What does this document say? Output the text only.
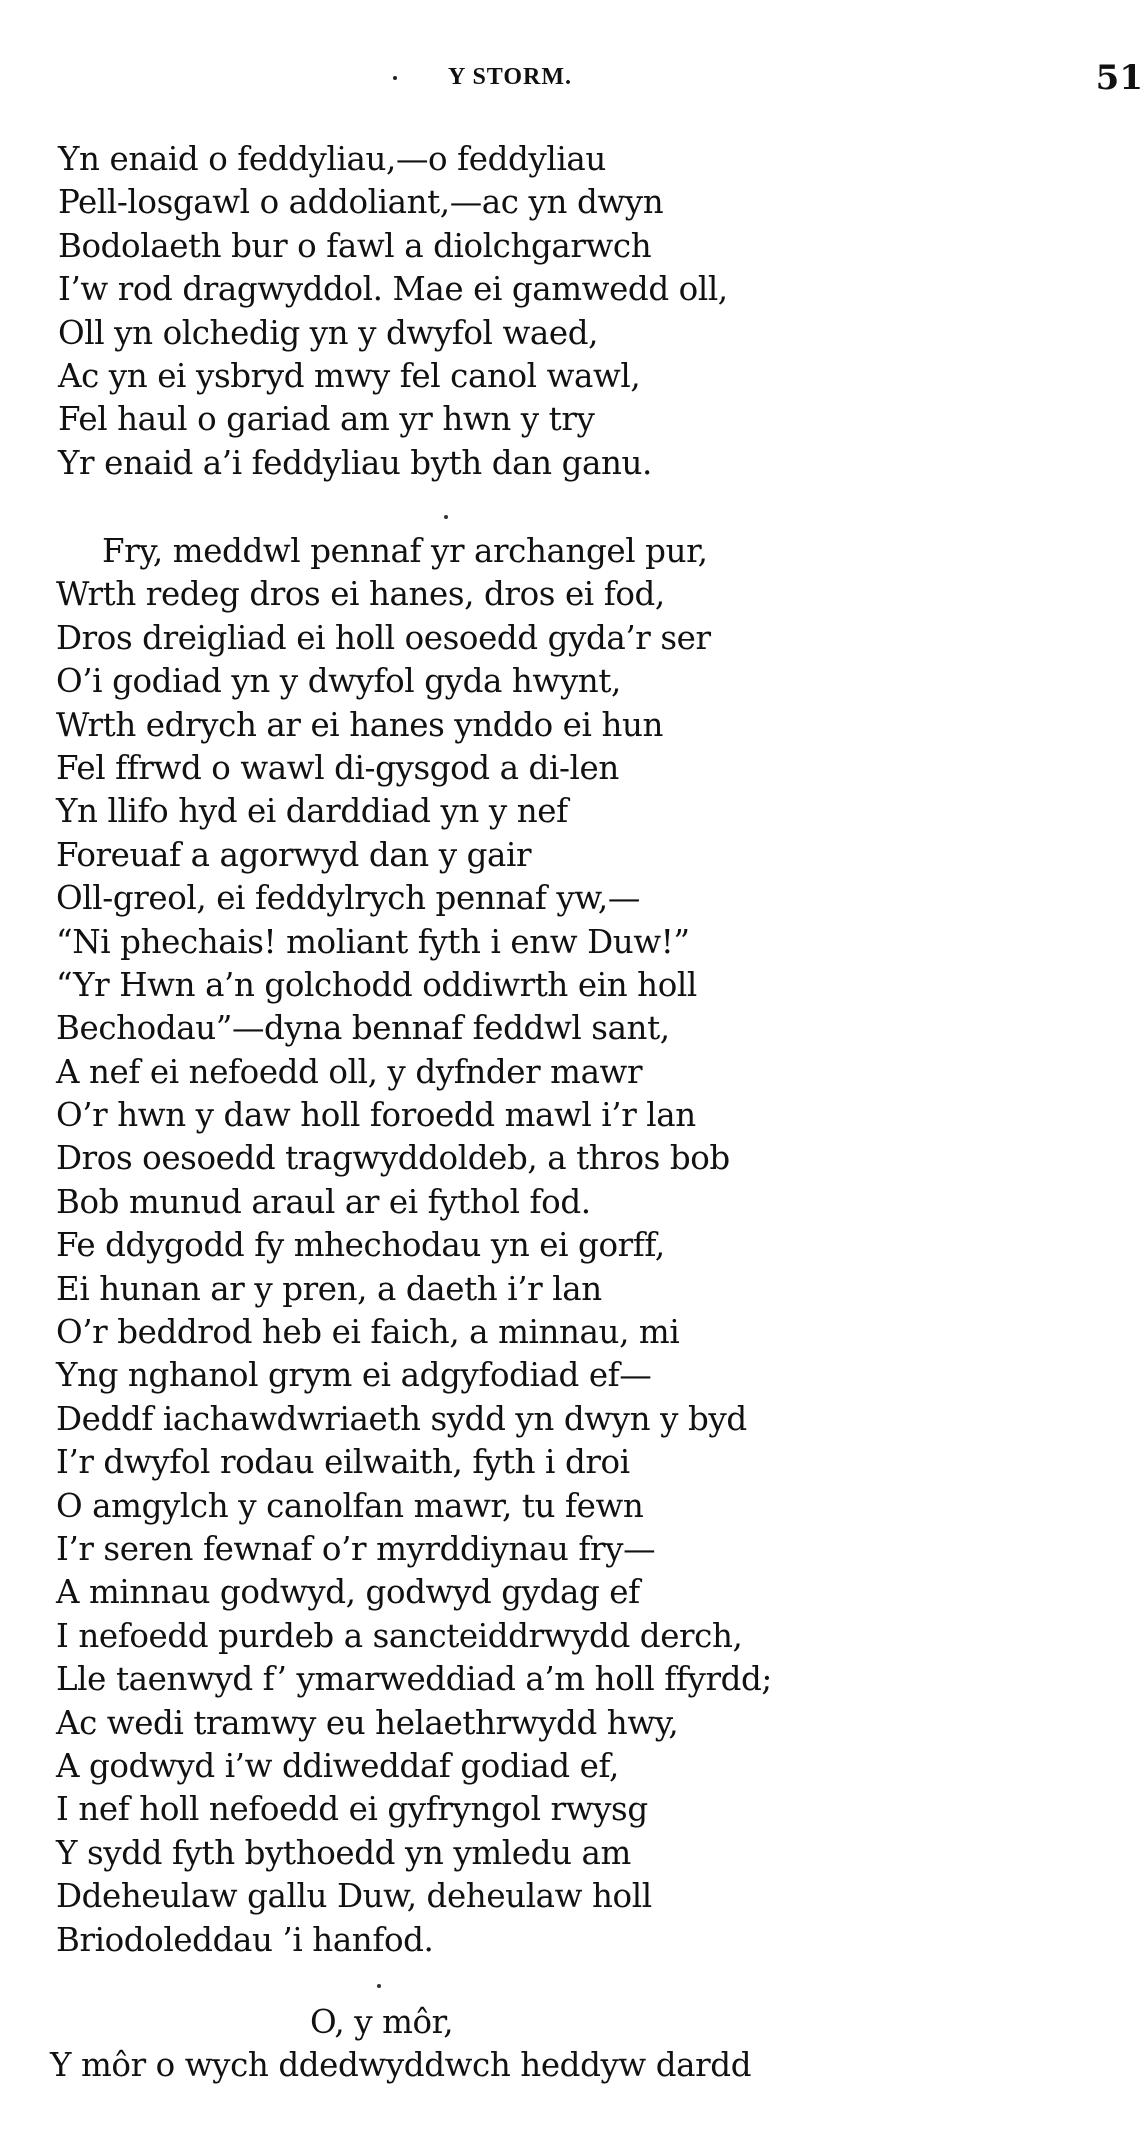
Y STORM.	51
Yn enaid o feddyliau,—o feddyliau
Pell-losgawl o addoliant,—ac yn dwyn
Bodolaeth bur o fawl a diolchgarwch
I’w rod dragwyddol. Mae ei gamwedd oll,
Oll yn olchedig yn y dwyfol waed,
Ac yn ei ysbryd mwy fel canol wawl,
Fel haul o gariad am yr hwn y try
Yr enaid a’i feddyliau byth dan ganu.
Fry, meddwl pennaf yr archangel pur,
Wrth redeg dros ei hanes, dros ei fod,
Dros dreigliad ei holl oesoedd gyda’r ser
O’i godiad yn y dwyfol gyda hwynt,
Wrth edrych ar ei hanes ynddo ei hun
Fel ffrwd o wawl di-gysgod a di-len
Yn llifo hyd ei darddiad yn y nef
Foreuaf a agorwyd dan y gair
Oll-greol, ei feddylrych pennaf yw,—
“Ni phechais! moliant fyth i enw Duw!”
“Yr Hwn a’n golchodd oddiwrth ein holl
Bechodau”—dyna bennaf feddwl sant,
A nef ei nefoedd oll, y dyfnder mawr
O’r hwn y daw holl foroedd mawl i’r lan
Dros oesoedd tragwyddoldeb, a thros bob
Bob munud araul ar ei fythol fod.
Fe ddygodd fy mhechodau yn ei gorff,
Ei hunan ar y pren, a daeth i’r lan
O’r beddrod heb ei faich, a minnau, mi
Yng nghanol grym ei adgyfodiad ef—
Deddf iachawdwriaeth sydd yn dwyn y byd
I’r dwyfol rodau eilwaith, fyth i droi
O amgylch y canolfan mawr, tu fewn
I’r seren fewnaf o’r myrddiynau fry—
A minnau godwyd, godwyd gydag ef
I nefoedd purdeb a sancteiddrwydd derch,
Lle taenwyd f’ ymarweddiad a’m holl ffyrdd;
Ac wedi tramwy eu helaethrwydd hwy,
A godwyd i’w ddiweddaf godiad ef,
I nef holl nefoedd ei gyfryngol rwysg
Y sydd fyth bythoedd yn ymledu am
Ddeheulaw gallu Duw, deheulaw holl
Briodoleddau ’i hanfod.
O, y môr,
Y môr o wych ddedwyddwch heddyw dardd
